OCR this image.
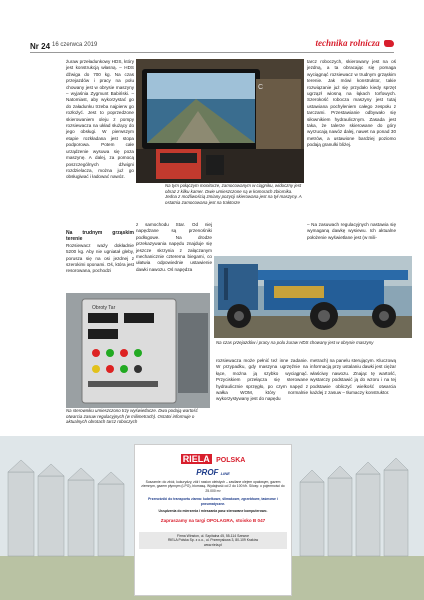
Nr 24 16 czerwca 2019	technika rolnicza

żuraw przeładunkowy HDS, który jest konstrukcją własną. – HDS dźwiga do 700 kg. Na czas przejazdów i pracy na polu chowany jest w obrysie maszyny – wyjaśnia Zygmunt Babiński. – Natomiast, aby wykorzystać go do załadunku trzeba najpierw go rozłożyć. Jest to poprzedzone skierowaniem oleju z pompy rozsiewacza na układ służący do jego obsługi. W pierwszym etapie rozkładana jest stopa podporowa. Potem całe urządzenie wysuwa się poza maszynę. A dalej, za pomocą poszczególnych dźwigni rozdzielacza, można już go obsługiwać i ładować nawóz.

Na trudnym grząskim terenie

Rozsiewacz waży dokładnie 5200 kg. Aby nie ugniatał gleby, porusza się na osi jezdnej z szerokimi oponami. Oś, która jest resorowana, pochodzi

C
Na tym połączym monitorze, zamocowanym w ciągniku, widoczny jest obraz z kilku kamer. Dwie umieszczone są w komorach zbiornika. Jedna z możliwością zmiany pozycji skierowana jest na tył maszyny. A ostatnia zamocowana jest na traktorze

z samochodu Star. Od niej napędzane są przenośniki podłogowe. Na drodze przekazywania napędu znajduje się jeszcze skrzynia z załączanym mechanicznie czterema biegami, co ułatwia odpowiednie ustawienie dawki nawozu. Oś napędza

tarcz roboczych, skierowany jest na oś jezdną, a ta obracając się pomaga wyciągnąć rozsiewacz w trudnym grząskim terenie. Jak mówi konstruktor, takie rozwiązanie już się przydało kiedy sprzęt ugrzązł wiosną na łąkach torfowych. Szerokość robocza maszyny jest tutaj ustawiana pochyleniem całego zespołu z tarczami. Przestawianie odbywało się siłownikiem hydraulicznym. Zasada jest taka, że talerze skierowane do góry wyrzucają nawóz dalej, nawet na ponad 30 metrów, a ustawione bardziej poziomo podają granulki bliżej.

– Na zasuwach regulacyjnych nastawia się wymaganą dawkę wysiewu. Ich aktualne położenie wyświetlane jest (w mili-

Na czas przejazdów i pracy na polu żuraw HDS chowany jest w obrysie maszyny
Obroty Tar
Na sterowniku umieszczono trzy wyświetlacze. Dwa podają wartość otwarcia zasuw regulacyjnych (w milimetrach). Ostatni informuje o aktualnych obrotach tarcz roboczych

rozsiewacza może pełnić też inne zadanie. W przypadku, gdy maszyna ugrzęźnie na łące, można ją szybko wyciągnąć. Przyciskiem przełącza się sterowane hydraulicznie sprzęgło, po czym napęd z wałka WOM, który normalnie wykorzystywany jest do napędu

metrach) na panelu sterującym. Kluczową informacją przy ustalaniu dawki jest ciężar właściwy nawozu. Znając tę wartość, wystarczy podstawić ją do wzoru i na tej podstawie obliczyć wielkość otwarcia każdej z zasuw – tłumaczy konstruktor.

RIELA POLSKA
PROF LINE
Suszarnie: do zbóż, kukurydzy, ziół i nasion oleistych – zasilane olejem opałowym, gazem ziemnym, gazem płynnym (LPG), biomasą. Wydajność od 2 do 100 t/h. Silosy: o pojemności do 25.000 m³
Przenośniki do transportu ziarna: kubełkowe, ślimakowe, zgrzebłowe, taśmowe i pneumatyczne.
Urządzenia do mierzenia i mieszania pasz sterowane komputerowo.
Zapraszamy na targi OPOLAGRA, stoisko B 047
Firma Winston, ul. Szpitalna 45, 55-114 Szewce
RIELA Polska Sp. z o.o., ul. Przemysłowa 3, 80-109 Kraków
www.riela.pl
